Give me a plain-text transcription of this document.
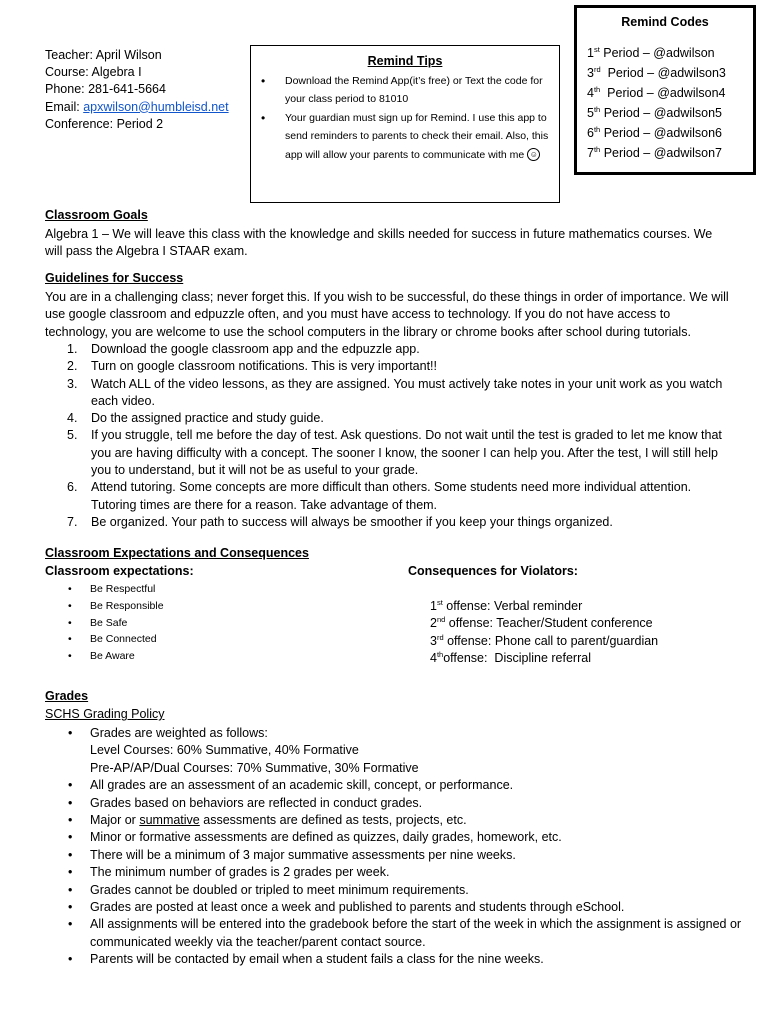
Teacher: April Wilson
Course: Algebra I
Phone: 281-641-5664
Email: apxwilson@humbleisd.net
Conference: Period 2
Remind Tips
• Download the Remind App(it’s free) or Text the code for your class period to 81010
• Your guardian must sign up for Remind. I use this app to send reminders to parents to check their email. Also, this app will allow your parents to communicate with me ☺
Remind Codes
1st Period – @adwilson
3rd  Period – @adwilson3
4th  Period – @adwilson4
5th Period – @adwilson5
6th Period – @adwilson6
7th Period – @adwilson7
Classroom Goals
Algebra 1 – We will leave this class with the knowledge and skills needed for success in future mathematics courses. We will pass the Algebra I STAAR exam.
Guidelines for Success
You are in a challenging class; never forget this. If you wish to be successful, do these things in order of importance. We will use google classroom and edpuzzle often, and you must have access to technology. If you do not have access to technology, you are welcome to use the school computers in the library or chrome books after school during tutorials.
1. Download the google classroom app and the edpuzzle app.
2. Turn on google classroom notifications. This is very important!!
3. Watch ALL of the video lessons, as they are assigned. You must actively take notes in your unit work as you watch each video.
4. Do the assigned practice and study guide.
5. If you struggle, tell me before the day of test. Ask questions. Do not wait until the test is graded to let me know that you are having difficulty with a concept. The sooner I know, the sooner I can help you. After the test, I will still help you to understand, but it will not be as useful to your grade.
6. Attend tutoring. Some concepts are more difficult than others. Some students need more individual attention. Tutoring times are there for a reason. Take advantage of them.
7. Be organized. Your path to success will always be smoother if you keep your things organized.
Classroom Expectations and Consequences
Classroom expectations:
• Be Respectful
• Be Responsible
• Be Safe
• Be Connected
• Be Aware
Consequences for Violators:
1st offense: Verbal reminder
2nd offense: Teacher/Student conference
3rd offense: Phone call to parent/guardian
4thoffense:  Discipline referral
Grades
SCHS Grading Policy
• Grades are weighted as follows:
Level Courses: 60% Summative, 40% Formative
Pre-AP/AP/Dual Courses: 70% Summative, 30% Formative
• All grades are an assessment of an academic skill, concept, or performance.
• Grades based on behaviors are reflected in conduct grades.
• Major or summative assessments are defined as tests, projects, etc.
• Minor or formative assessments are defined as quizzes, daily grades, homework, etc.
• There will be a minimum of 3 major summative assessments per nine weeks.
• The minimum number of grades is 2 grades per week.
• Grades cannot be doubled or tripled to meet minimum requirements.
• Grades are posted at least once a week and published to parents and students through eSchool.
• All assignments will be entered into the gradebook before the start of the week in which the assignment is assigned or communicated weekly via the teacher/parent contact source.
• Parents will be contacted by email when a student fails a class for the nine weeks.
